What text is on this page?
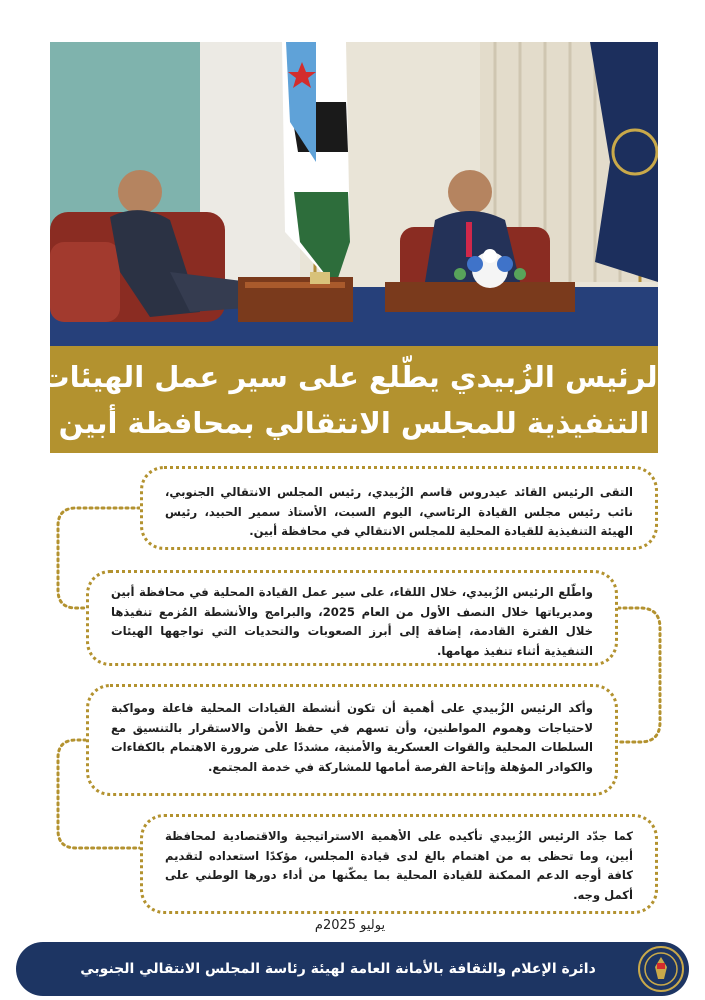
الرئيس الزُبيدي يطّلع على سير عمل الهيئات
التنفيذية للمجلس الانتقالي بمحافظة أبين
التقى الرئيس القائد عيدروس قاسم الزُبيدي، رئيس المجلس الانتقالي الجنوبي، نائب رئيس مجلس القيادة الرئاسي، اليوم السبت، الأستاذ سمير الحبيد، رئيس الهيئة التنفيذية للقيادة المحلية للمجلس الانتقالي في محافظة أبين.
واطّلع الرئيس الزُبيدي، خلال اللقاء، على سير عمل القيادة المحلية في محافظة أبين ومديرياتها خلال النصف الأول من العام 2025، والبرامج والأنشطة المُزمع تنفيذها خلال الفترة القادمة، إضافة إلى أبرز الصعوبات والتحديات التي تواجهها الهيئات التنفيذية أثناء تنفيذ مهامها.
وأكد الرئيس الزُبيدي على أهمية أن تكون أنشطة القيادات المحلية فاعلة ومواكبة لاحتياجات وهموم المواطنين، وأن تسهم في حفظ الأمن والاستقرار بالتنسيق مع السلطات المحلية والقوات العسكرية والأمنية، مشددًا على ضرورة الاهتمام بالكفاءات والكوادر المؤهلة وإتاحة الفرصة أمامها للمشاركة في خدمة المجتمع.
كما جدّد الرئيس الزُبيدي تأكيده على الأهمية الاستراتيجية والاقتصادية لمحافظة أبين، وما تحظى به من اهتمام بالغ لدى قيادة المجلس، مؤكدًا استعداده لتقديم كافة أوجه الدعم الممكنة للقيادة المحلية بما يمكّنها من أداء دورها الوطني على أكمل وجه.
يوليو 2025م
دائرة الإعلام والثقافة بالأمانة العامة لهيئة رئاسة المجلس الانتقالي الجنوبي
